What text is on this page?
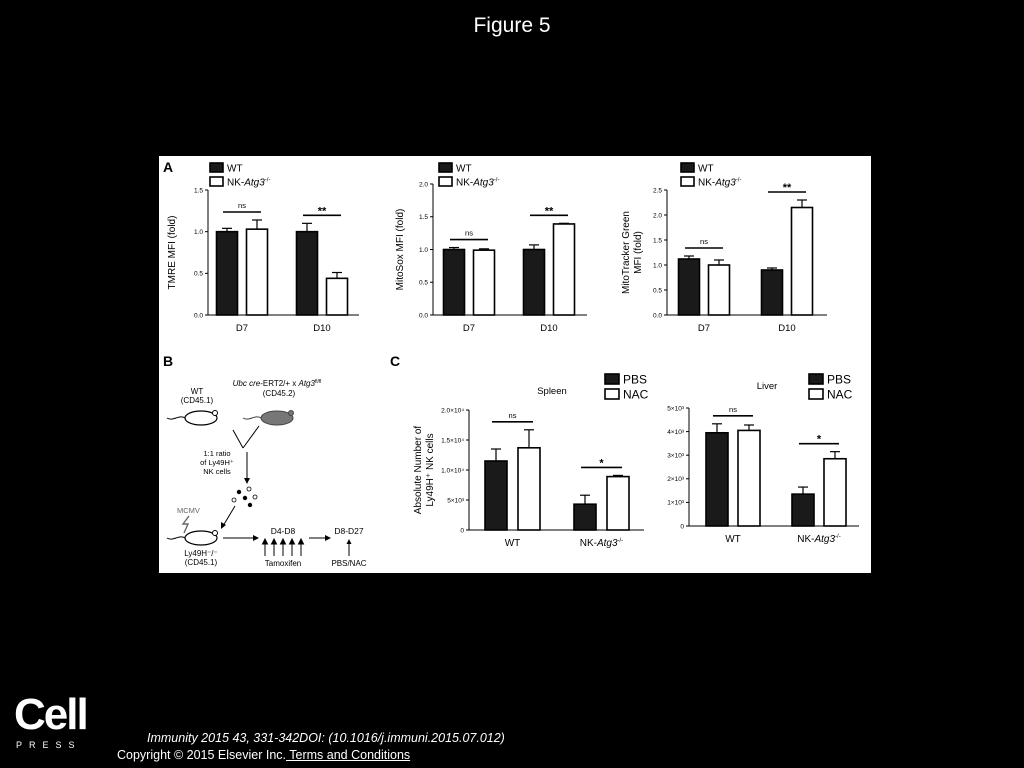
Figure 5
A
B	C
0.0
0.5
1.0
1.5
D7	D10
ns	**
TMRE MFI (fold)
WT
NK-Atg3-/-
0.0
0.5
1.0
1.5
2.0
D7	D10
ns
**
MitoSox MFI (fold)
WT
NK-Atg3-/-
0.0
0.5
1.0
1.5
2.0
2.5
D7	D10
ns
**
MitoTracker Green MFI (fold)
WT
NK-Atg3-/-
0
5×10³
1.0×10⁴
1.5×10⁴
2.0×10⁴
WT	NK-Atg3-/-
ns
*
Absolute Number of Ly49H⁺ NK cells
Spleen
PBS
NAC
0
1×10³
2×10³
3×10³
4×10³
5×10³
WT	NK-Atg3-/-
ns
*
Liver	PBS
NAC
WT
(CD45.1)
Ubc cre-ERT2/+ x $Atg3^{fl/fl}$
(CD45.2)
1:1 ratio
of Ly49H⁺
NK cells
MCMV
Ly49H⁻/⁻
(CD45.1)
D4-D8
Tamoxifen
D8-D27
PBS/NAC
Cell
PRESS	Immunity 2015 43, 331-342DOI: (10.1016/j.immuni.2015.07.012)
Copyright © 2015 Elsevier Inc. Terms and Conditions
